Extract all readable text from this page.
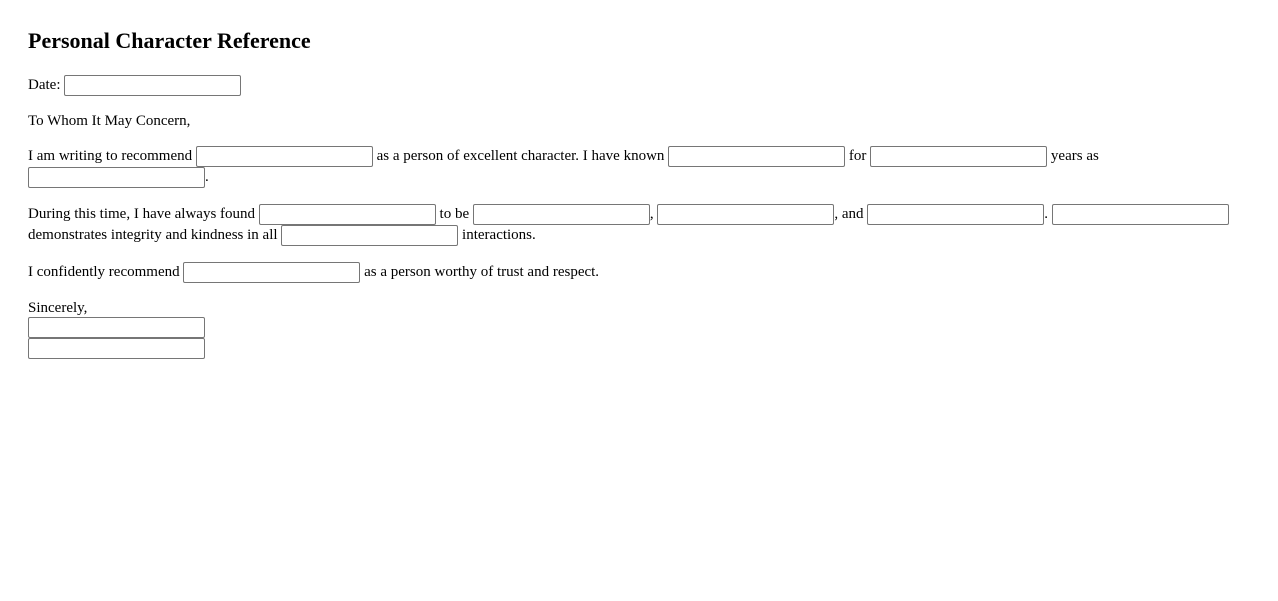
Personal Character Reference
Date:
To Whom It May Concern,
I am writing to recommend	as a person of excellent character. I have known	for	years as
.
During this time, I have always found	to be	,	, and	.
demonstrates integrity and kindness in all	interactions.
I confidently recommend	as a person worthy of trust and respect.
Sincerely,
